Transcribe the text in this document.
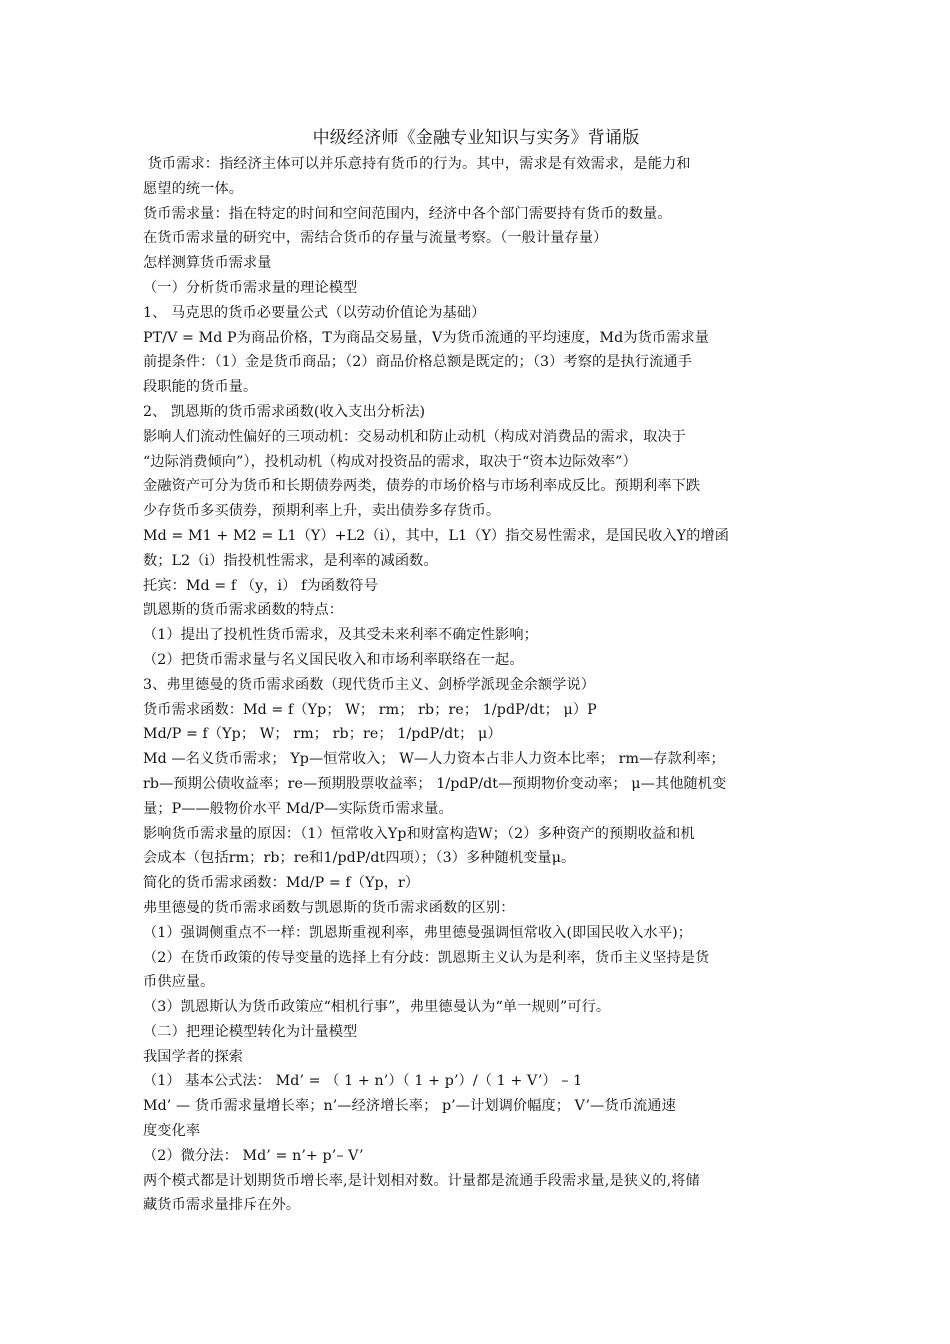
中级经济师《金融专业知识与实务》背诵版

货币需求：指经济主体可以并乐意持有货币的行为。其中，需求是有效需求，是能力和

愿望的统一体。

货币需求量：指在特定的时间和空间范围内，经济中各个部门需要持有货币的数量。

在货币需求量的研究中，需结合货币的存量与流量考察。（一般计量存量）

怎样测算货币需求量

（一）分析货币需求量的理论模型

1、 马克思的货币必要量公式（以劳动价值论为基础）

PT/V = Md P为商品价格，T为商品交易量，V为货币流通的平均速度，Md为货币需求量

前提条件：（1）金是货币商品；（2）商品价格总额是既定的；（3）考察的是执行流通手

段职能的货币量。

2、 凯恩斯的货币需求函数(收入支出分析法)

影响人们流动性偏好的三项动机：交易动机和防止动机（构成对消费品的需求，取决于

“边际消费倾向”），投机动机（构成对投资品的需求，取决于“资本边际效率”）

金融资产可分为货币和长期债券两类，债券的市场价格与市场利率成反比。预期利率下跌

少存货币多买债券，预期利率上升，卖出债券多存货币。

Md = M1 + M2 = L1（Y）+L2（i），其中，L1（Y）指交易性需求，是国民收入Y的增函

数；L2（i）指投机性需求，是利率的减函数。

托宾：Md = f （y，i） f为函数符号

凯恩斯的货币需求函数的特点：

（1）提出了投机性货币需求，及其受未来利率不确定性影响；

（2）把货币需求量与名义国民收入和市场利率联络在一起。

3、弗里德曼的货币需求函数（现代货币主义、剑桥学派现金余额学说）

货币需求函数：Md = f（Yp； W； rm； rb；re； 1/pdP/dt； μ）P

Md/P = f（Yp； W； rm； rb；re； 1/pdP/dt； μ）

Md —名义货币需求； Yp—恒常收入； W—人力资本占非人力资本比率； rm—存款利率；

rb—预期公债收益率；re—预期股票收益率； 1/pdP/dt—预期物价变动率； μ—其他随机变

量；P——般物价水平 Md/P—实际货币需求量。

影响货币需求量的原因：（1）恒常收入Yp和财富构造W；（2）多种资产的预期收益和机

会成本（包括rm；rb；re和1/pdP/dt四项）；（3）多种随机变量μ。

简化的货币需求函数：Md/P = f（Yp，r）

弗里德曼的货币需求函数与凯恩斯的货币需求函数的区别：

（1）强调侧重点不一样：凯恩斯重视利率，弗里德曼强调恒常收入(即国民收入水平)；

（2）在货币政策的传导变量的选择上有分歧：凯恩斯主义认为是利率，货币主义坚持是货

币供应量。

（3）凯恩斯认为货币政策应“相机行事”，弗里德曼认为“单一规则”可行。

（二）把理论模型转化为计量模型

我国学者的探索

（1） 基本公式法： Md’ = （ 1 + n’）（ 1 + p’）/（ 1 + V’） – 1

Md’ — 货币需求量增长率；n’—经济增长率； p’—计划调价幅度； V’—货币流通速

度变化率

（2）微分法： Md’ = n’+ p’– V’

两个模式都是计划期货币增长率,是计划相对数。计量都是流通手段需求量,是狭义的,将储

藏货币需求量排斥在外。
